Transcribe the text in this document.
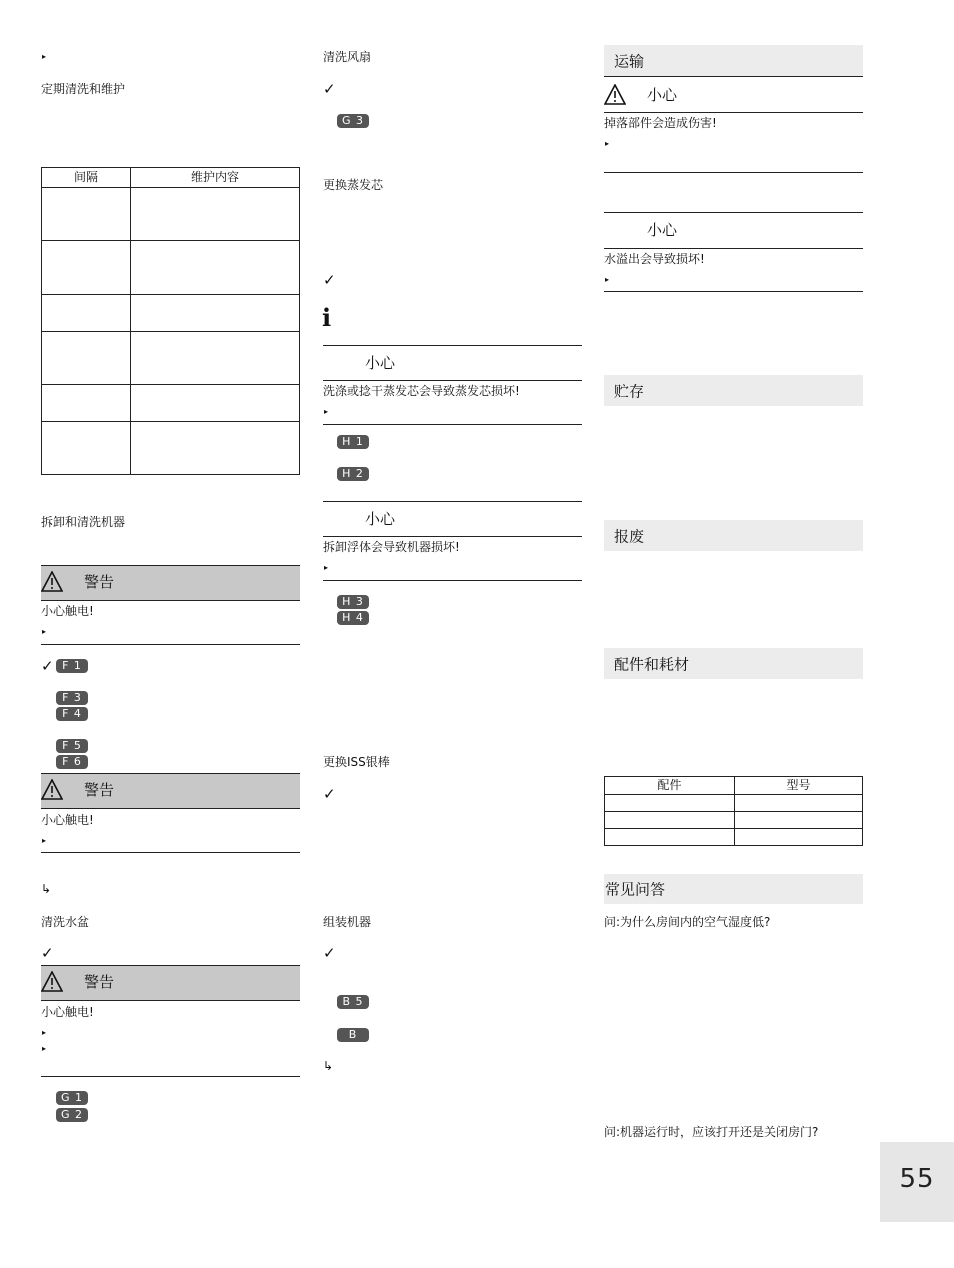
▸
定期清洗和维护
间隔	维护内容

拆卸和清洗机器
警告
小心触电!
▸
✓ F 1
F 3
F 4
F 5
F 6
警告
小心触电!
▸
↳
清洗水盆
✓
警告
小心触电!
▸
▸
G 1
G 2
清洗风扇
✓
G 3
更换蒸发芯
✓
i
小心
洗涤或捻干蒸发芯会导致蒸发芯损坏!
▸
H 1
H 2
小心
拆卸浮体会导致机器损坏!
▸
H 3
H 4
更换ISS银棒
✓
组装机器
✓
B 5
B
↳
运输
小心
掉落部件会造成伤害!
▸
小心
水溢出会导致损坏!
▸
贮存
报废
配件和耗材
配件	型号

常见问答
问:为什么房间内的空气湿度低?
问:机器运行时，应该打开还是关闭房门?
55
